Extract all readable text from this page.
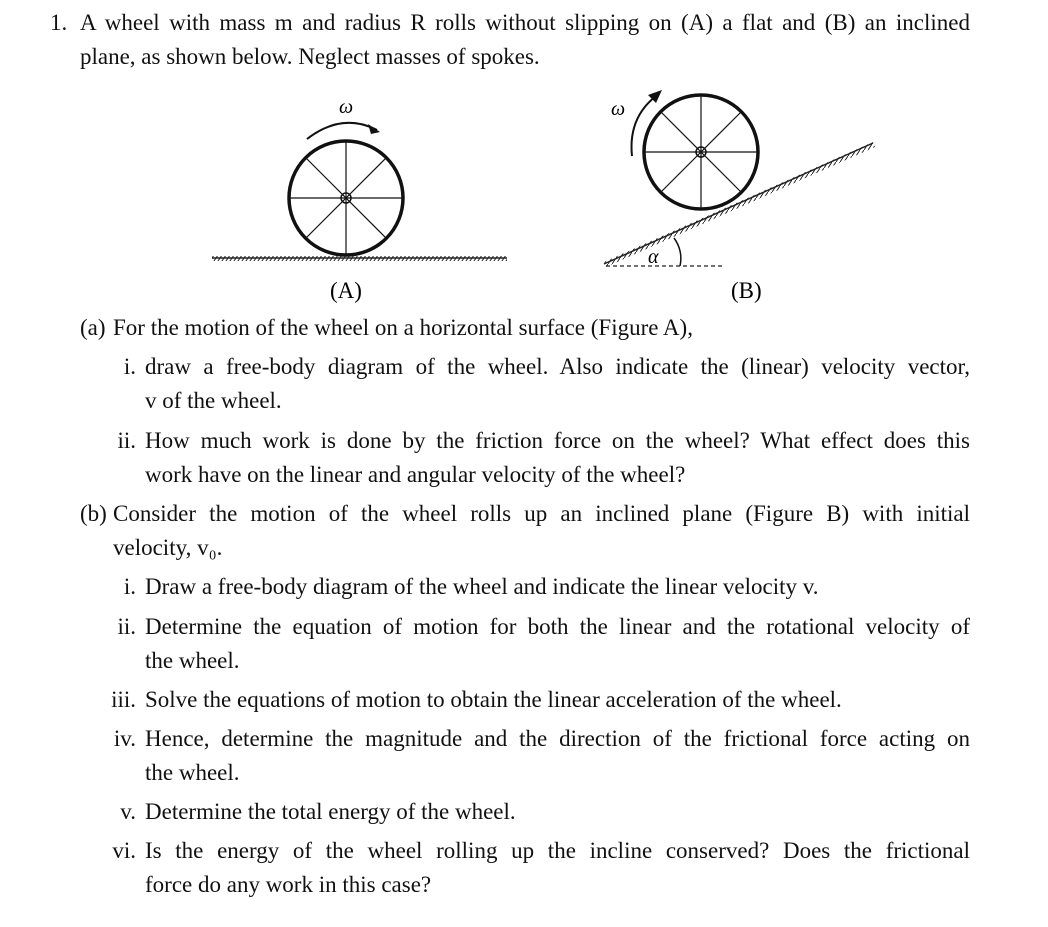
1. A wheel with mass m and radius R rolls without slipping on (A) a flat and (B) an inclined
plane, as shown below. Neglect masses of spokes.
ω
(A)
α
ω
(B)
(a) For the motion of the wheel on a horizontal surface (Figure A),
i. draw a free-body diagram of the wheel. Also indicate the (linear) velocity vector,
v of the wheel.
ii. How much work is done by the friction force on the wheel? What effect does this
work have on the linear and angular velocity of the wheel?
(b) Consider the motion of the wheel rolls up an inclined plane (Figure B) with initial
velocity, v₀.
i. Draw a free-body diagram of the wheel and indicate the linear velocity v.
ii. Determine the equation of motion for both the linear and the rotational velocity of
the wheel.
iii. Solve the equations of motion to obtain the linear acceleration of the wheel.
iv. Hence, determine the magnitude and the direction of the frictional force acting on
the wheel.
v. Determine the total energy of the wheel.
vi. Is the energy of the wheel rolling up the incline conserved? Does the frictional
force do any work in this case?
